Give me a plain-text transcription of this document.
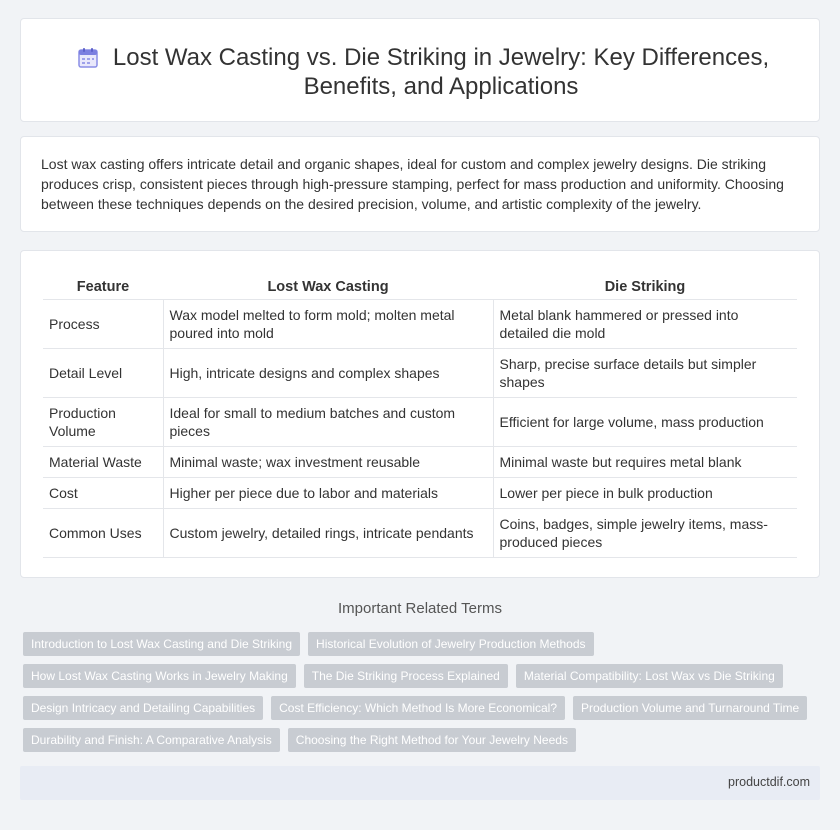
Lost Wax Casting vs. Die Striking in Jewelry: Key Differences, Benefits, and Applications

Lost wax casting offers intricate detail and organic shapes, ideal for custom and complex jewelry designs. Die striking produces crisp, consistent pieces through high-pressure stamping, perfect for mass production and uniformity. Choosing between these techniques depends on the desired precision, volume, and artistic complexity of the jewelry.

Feature	Lost Wax Casting	Die Striking
Process	Wax model melted to form mold; molten metal poured into mold	Metal blank hammered or pressed into detailed die mold
Detail Level	High, intricate designs and complex shapes	Sharp, precise surface details but simpler shapes
Production Volume	Ideal for small to medium batches and custom pieces	Efficient for large volume, mass production
Material Waste	Minimal waste; wax investment reusable	Minimal waste but requires metal blank
Cost	Higher per piece due to labor and materials	Lower per piece in bulk production
Common Uses	Custom jewelry, detailed rings, intricate pendants	Coins, badges, simple jewelry items, mass-produced pieces
Important Related Terms
Introduction to Lost Wax Casting and Die Striking	Historical Evolution of Jewelry Production Methods
How Lost Wax Casting Works in Jewelry Making	The Die Striking Process Explained	Material Compatibility: Lost Wax vs Die Striking
Design Intricacy and Detailing Capabilities	Cost Efficiency: Which Method Is More Economical?	Production Volume and Turnaround Time
Durability and Finish: A Comparative Analysis	Choosing the Right Method for Your Jewelry Needs
productdif.com
